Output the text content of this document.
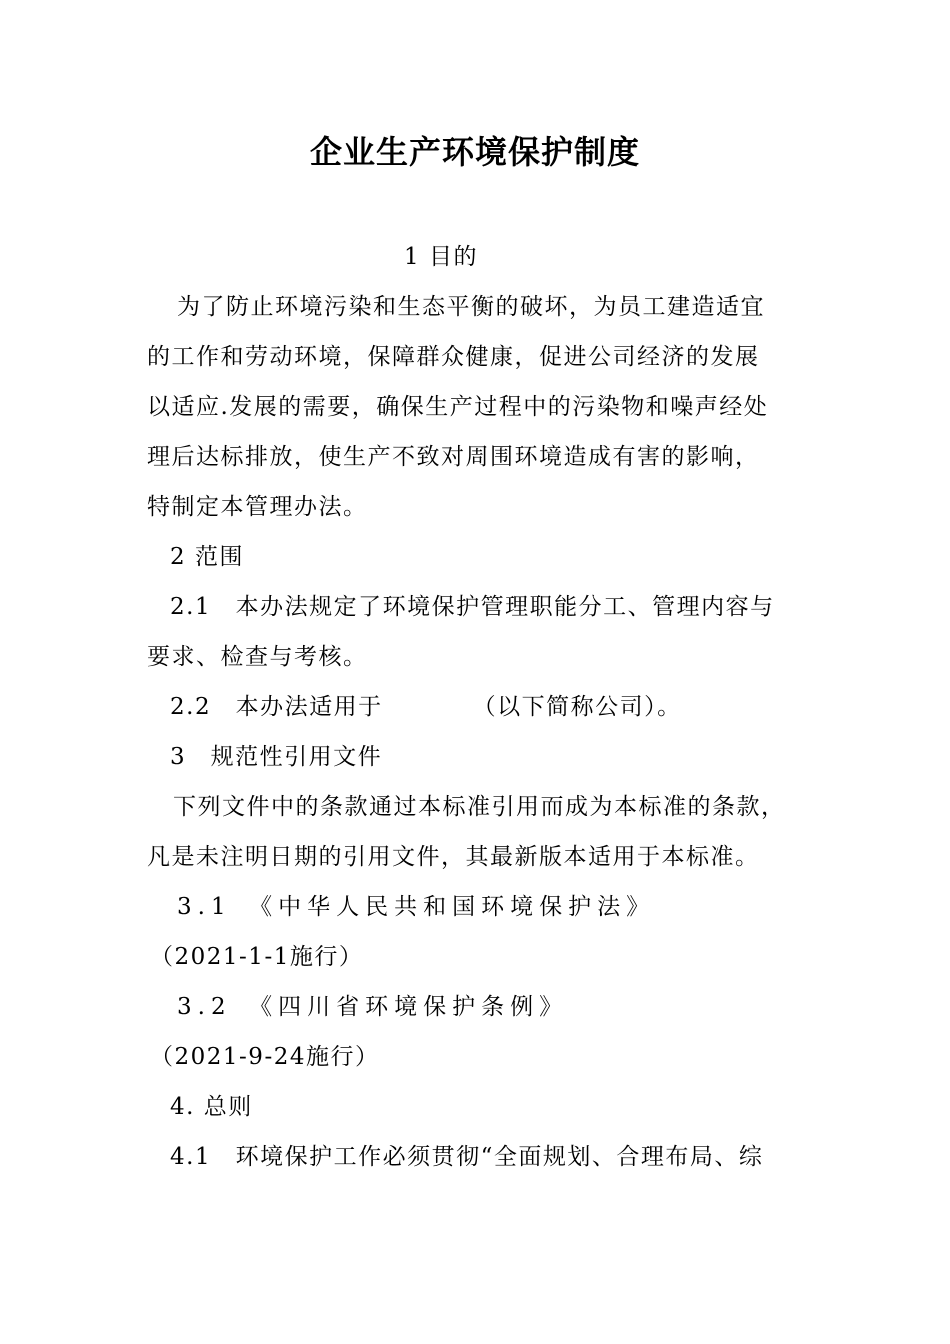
企业生产环境保护制度
1 目的
为了防止环境污染和生态平衡的破坏，为员工建造适宜
的工作和劳动环境，保障群众健康，促进公司经济的发展
以适应.发展的需要，确保生产过程中的污染物和噪声经处
理后达标排放，使生产不致对周围环境造成有害的影响，
特制定本管理办法。
2 范围
2.1　本办法规定了环境保护管理职能分工、管理内容与
要求、检查与考核。
2.2　本办法适用于	（以下简称公司）。
3　规范性引用文件
下列文件中的条款通过本标准引用而成为本标准的条款，
凡是未注明日期的引用文件，其最新版本适用于本标准。
3.1　《中华人民共和国环境保护法》
（2021-1-1施行）
3.2　《四川省环境保护条例》
（2021-9-24施行）
4. 总则
4.1　环境保护工作必须贯彻“全面规划、合理布局、综
